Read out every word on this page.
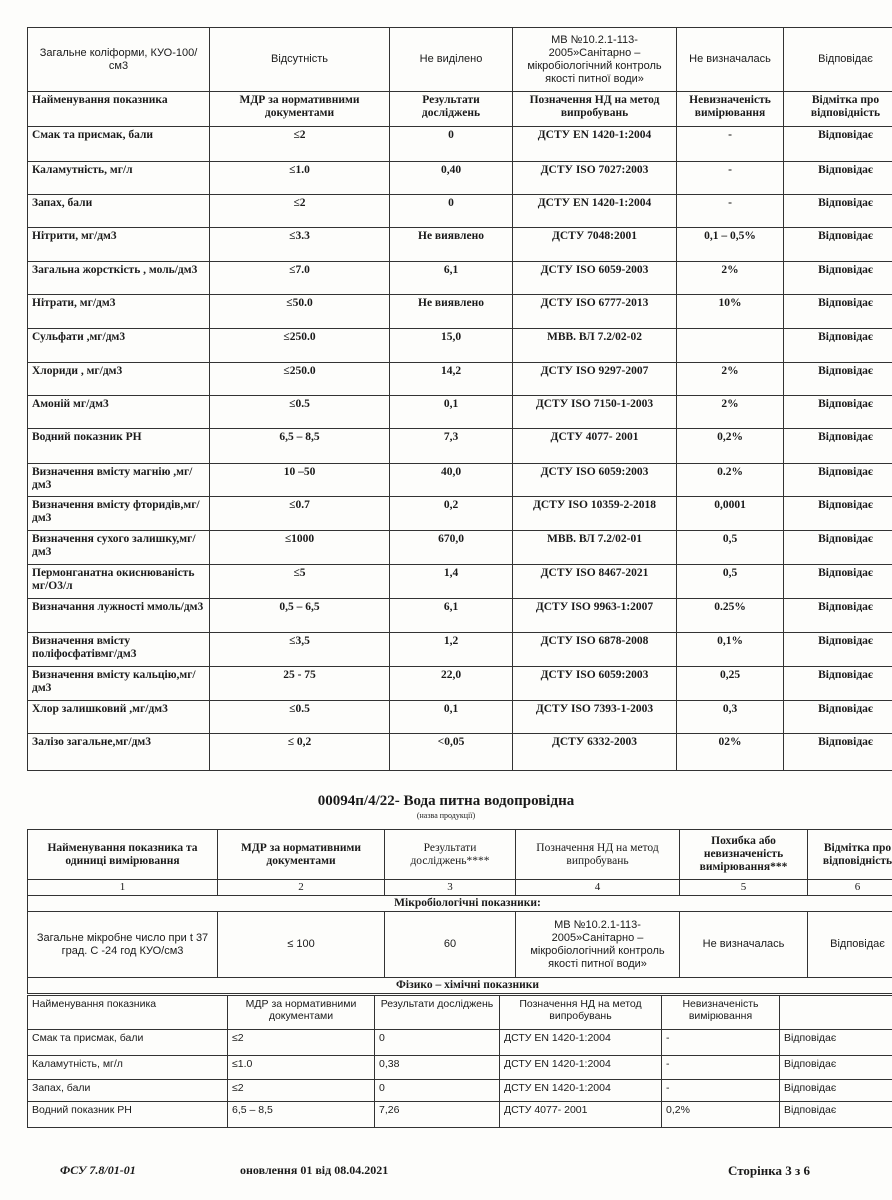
Загальне коліформи, КУО-100/см3	Відсутність	Не виділено	МВ №10.2.1-113-2005»Санітарно – мікробіологічний контроль якості питної води»	Не визначалась	Відповідає
Найменування показника	МДР за нормативними документами	Результати досліджень	Позначення НД на метод випробувань	Невизначеність вимірювання	Відмітка про відповідність
Смак та присмак, бали	≤2	0	ДСТУ EN 1420-1:2004	-	Відповідає
Каламутність, мг/л	≤1.0	0,40	ДСТУ ISO 7027:2003	-	Відповідає
Запах, бали	≤2	0	ДСТУ EN 1420-1:2004	-	Відповідає
Нітрити, мг/дм3	≤3.3	Не виявлено	ДСТУ 7048:2001	0,1 – 0,5%	Відповідає
Загальна жорсткість , моль/дм3	≤7.0	6,1	ДСТУ ISO 6059-2003	2%	Відповідає
Нітрати, мг/дм3	≤50.0	Не виявлено	ДСТУ ISO 6777-2013	10%	Відповідає
Сульфати ,мг/дм3	≤250.0	15,0	МВВ. ВЛ 7.2/02-02		Відповідає
Хлориди , мг/дм3	≤250.0	14,2	ДСТУ ISO 9297-2007	2%	Відповідає
Амоній мг/дм3	≤0.5	0,1	ДСТУ ISO 7150-1-2003	2%	Відповідає
Водний показник РН	6,5 – 8,5	7,3	ДСТУ 4077- 2001	0,2%	Відповідає
Визначення вмісту магнію ,мг/дм3	10 –50	40,0	ДСТУ ISO 6059:2003	0.2%	Відповідає
Визначення вмісту фторидів,мг/дм3	≤0.7	0,2	ДСТУ ISO 10359-2-2018	0,0001	Відповідає
Визначення сухого залишку,мг/дм3	≤1000	670,0	МВВ. ВЛ 7.2/02-01	0,5	Відповідає
Пермонганатна окиснюваність мг/О3/л	≤5	1,4	ДСТУ ISO 8467-2021	0,5	Відповідає
Визначання лужності ммоль/дм3	0,5 – 6,5	6,1	ДСТУ ISO 9963-1:2007	0.25%	Відповідає
Визначення вмісту поліфосфатівмг/дм3	≤3,5	1,2	ДСТУ ISO 6878-2008	0,1%	Відповідає
Визначення вмісту кальцію,мг/дм3	25 - 75	22,0	ДСТУ ISO 6059:2003	0,25	Відповідає
Хлор залишковий ,мг/дм3	≤0.5	0,1	ДСТУ ISO 7393-1-2003	0,3	Відповідає
Залізо загальне,мг/дм3	≤ 0,2	<0,05	ДСТУ 6332-2003	02%	Відповідає
00094п/4/22- Вода питна водопровідна
(назва продукції)
Найменування показника та одиниці вимірювання	МДР за нормативними документами	Результати досліджень****	Позначення НД на метод випробувань	Похибка або невизначеність вимірювання***	Відмітка про відповідність
1	2	3	4	5	6
Мікробіологічні показники:					
Загальне мікробне число при t 37 град. С -24 год КУО/см3	≤ 100	60	МВ №10.2.1-113-2005»Санітарно – мікробіологічний контроль якості питної води»	Не визначалась	Відповідає
Фізико – хімічні показники					
Найменування показника	МДР за нормативними документами	Результати досліджень	Позначення НД на метод випробувань	Невизначеність вимірювання	
Смак та присмак, бали	≤2	0	ДСТУ EN 1420-1:2004	-	Відповідає
Каламутність, мг/л	≤1.0	0,38	ДСТУ EN 1420-1:2004	-	Відповідає
Запах, бали	≤2	0	ДСТУ EN 1420-1:2004	-	Відповідає
Водний показник РН	6,5 – 8,5	7,26	ДСТУ 4077- 2001	0,2%	Відповідає
ФСУ 7.8/01-01	оновлення 01 від 08.04.2021	Сторінка 3 з 6
